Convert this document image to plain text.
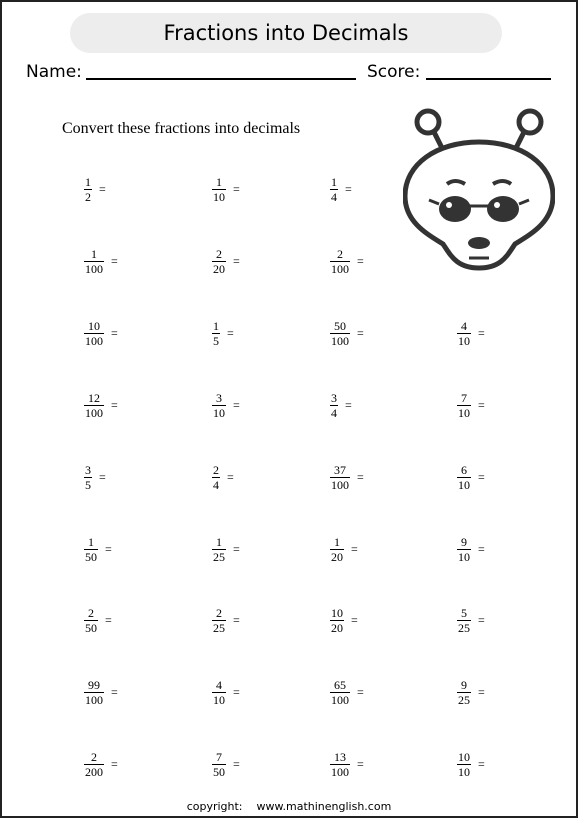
Fractions into Decimals
Name:	Score:
Convert these fractions into decimals
$\frac{1}{2}$ =	$\frac{1}{10}$ =	$\frac{1}{4}$ =
$\frac{1}{100}$ =	$\frac{2}{20}$ =	$\frac{2}{100}$ =
$\frac{10}{100}$ =	$\frac{1}{5}$ =	$\frac{50}{100}$ =	$\frac{4}{10}$ =
$\frac{12}{100}$ =	$\frac{3}{10}$ =	$\frac{3}{4}$ =	$\frac{7}{10}$ =
$\frac{3}{5}$ =	$\frac{2}{4}$ =	$\frac{37}{100}$ =	$\frac{6}{10}$ =
$\frac{1}{50}$ =	$\frac{1}{25}$ =	$\frac{1}{20}$ =	$\frac{9}{10}$ =
$\frac{2}{50}$ =	$\frac{2}{25}$ =	$\frac{10}{20}$ =	$\frac{5}{25}$ =
$\frac{99}{100}$ =	$\frac{4}{10}$ =	$\frac{65}{100}$ =	$\frac{9}{25}$ =
$\frac{2}{200}$ =	$\frac{7}{50}$ =	$\frac{13}{100}$ =	$\frac{10}{10}$ =
copyright: www.mathinenglish.com
